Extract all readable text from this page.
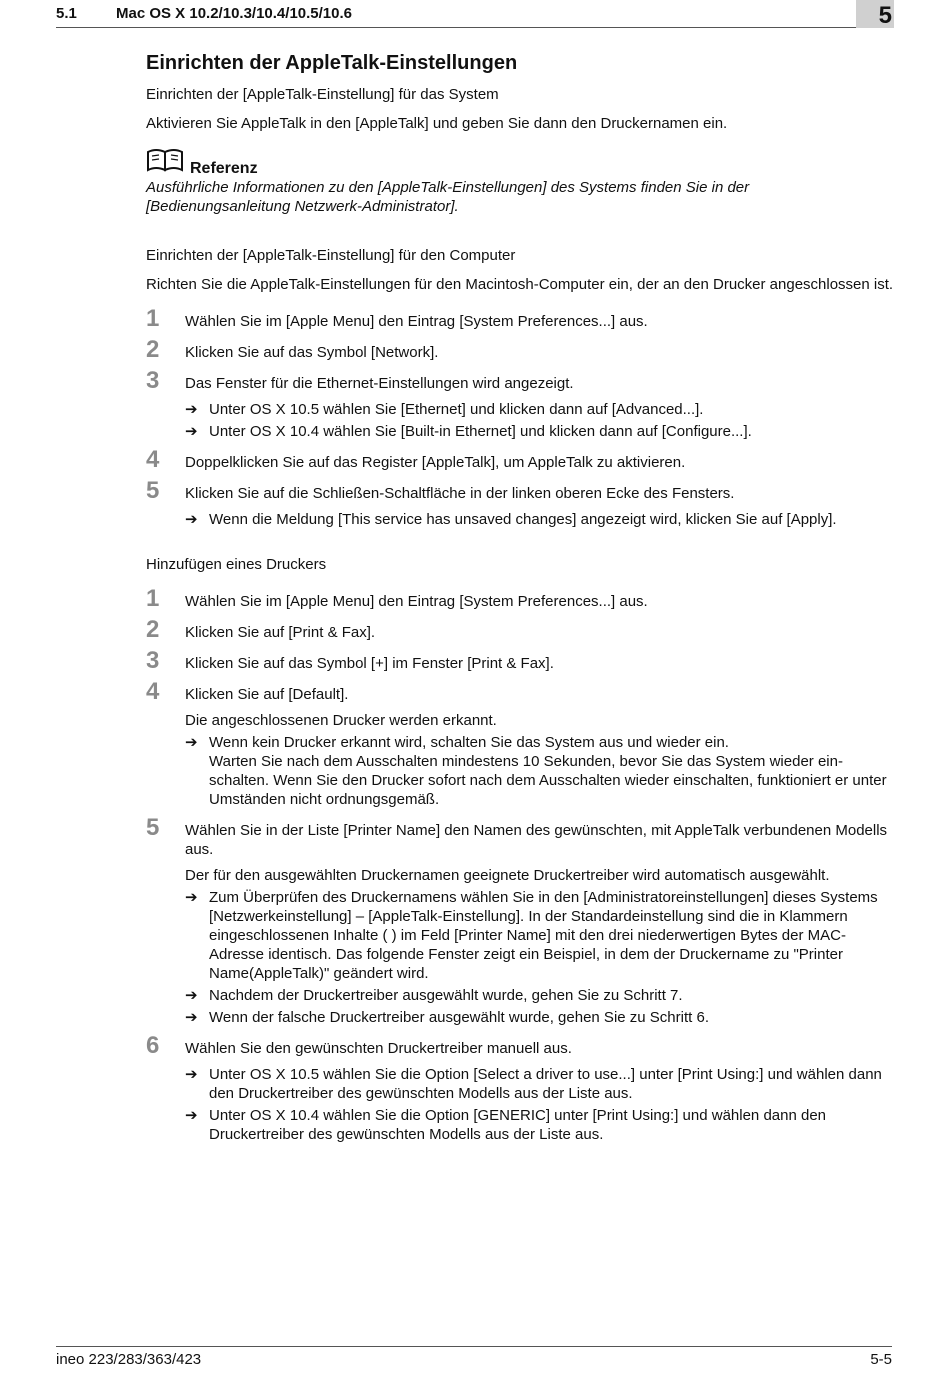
5.1	Mac OS X 10.2/10.3/10.4/10.5/10.6	5
Einrichten der AppleTalk-Einstellungen

Einrichten der [AppleTalk-Einstellung] für das System

Aktivieren Sie AppleTalk in den [AppleTalk] und geben Sie dann den Druckernamen ein.

Referenz
Ausführliche Informationen zu den [AppleTalk-Einstellungen] des Systems finden Sie in der [Bedienungsanleitung Netzwerk-Administrator].

Einrichten der [AppleTalk-Einstellung] für den Computer

Richten Sie die AppleTalk-Einstellungen für den Macintosh-Computer ein, der an den Drucker angeschlossen ist.

1 Wählen Sie im [Apple Menu] den Eintrag [System Preferences...] aus.
2 Klicken Sie auf das Symbol [Network].
3 Das Fenster für die Ethernet-Einstellungen wird angezeigt.
➔ Unter OS X 10.5 wählen Sie [Ethernet] und klicken dann auf [Advanced...].
➔ Unter OS X 10.4 wählen Sie [Built-in Ethernet] und klicken dann auf [Configure...].
4 Doppelklicken Sie auf das Register [AppleTalk], um AppleTalk zu aktivieren.
5 Klicken Sie auf die Schließen-Schaltfläche in der linken oberen Ecke des Fensters.
➔ Wenn die Meldung [This service has unsaved changes] angezeigt wird, klicken Sie auf [Apply].

Hinzufügen eines Druckers

1 Wählen Sie im [Apple Menu] den Eintrag [System Preferences...] aus.
2 Klicken Sie auf [Print & Fax].
3 Klicken Sie auf das Symbol [+] im Fenster [Print & Fax].
4 Klicken Sie auf [Default].
Die angeschlossenen Drucker werden erkannt.
➔ Wenn kein Drucker erkannt wird, schalten Sie das System aus und wieder ein.
Warten Sie nach dem Ausschalten mindestens 10 Sekunden, bevor Sie das System wieder ein-schalten. Wenn Sie den Drucker sofort nach dem Ausschalten wieder einschalten, funktioniert er unter Umständen nicht ordnungsgemäß.
5 Wählen Sie in der Liste [Printer Name] den Namen des gewünschten, mit AppleTalk verbundenen Modells aus.
Der für den ausgewählten Druckernamen geeignete Druckertreiber wird automatisch ausgewählt.
➔ Zum Überprüfen des Druckernamens wählen Sie in den [Administratoreinstellungen] dieses Systems [Netzwerkeinstellung] – [AppleTalk-Einstellung]. In der Standardeinstellung sind die in Klammern eingeschlossenen Inhalte ( ) im Feld [Printer Name] mit den drei niederwertigen Bytes der MAC-Adresse identisch. Das folgende Fenster zeigt ein Beispiel, in dem der Druckername zu "Printer Name(AppleTalk)" geändert wird.
➔ Nachdem der Druckertreiber ausgewählt wurde, gehen Sie zu Schritt 7.
➔ Wenn der falsche Druckertreiber ausgewählt wurde, gehen Sie zu Schritt 6.
6 Wählen Sie den gewünschten Druckertreiber manuell aus.
➔ Unter OS X 10.5 wählen Sie die Option [Select a driver to use...] unter [Print Using:] und wählen dann den Druckertreiber des gewünschten Modells aus der Liste aus.
➔ Unter OS X 10.4 wählen Sie die Option [GENERIC] unter [Print Using:] und wählen dann den Druckertreiber des gewünschten Modells aus der Liste aus.
ineo 223/283/363/423	5-5
